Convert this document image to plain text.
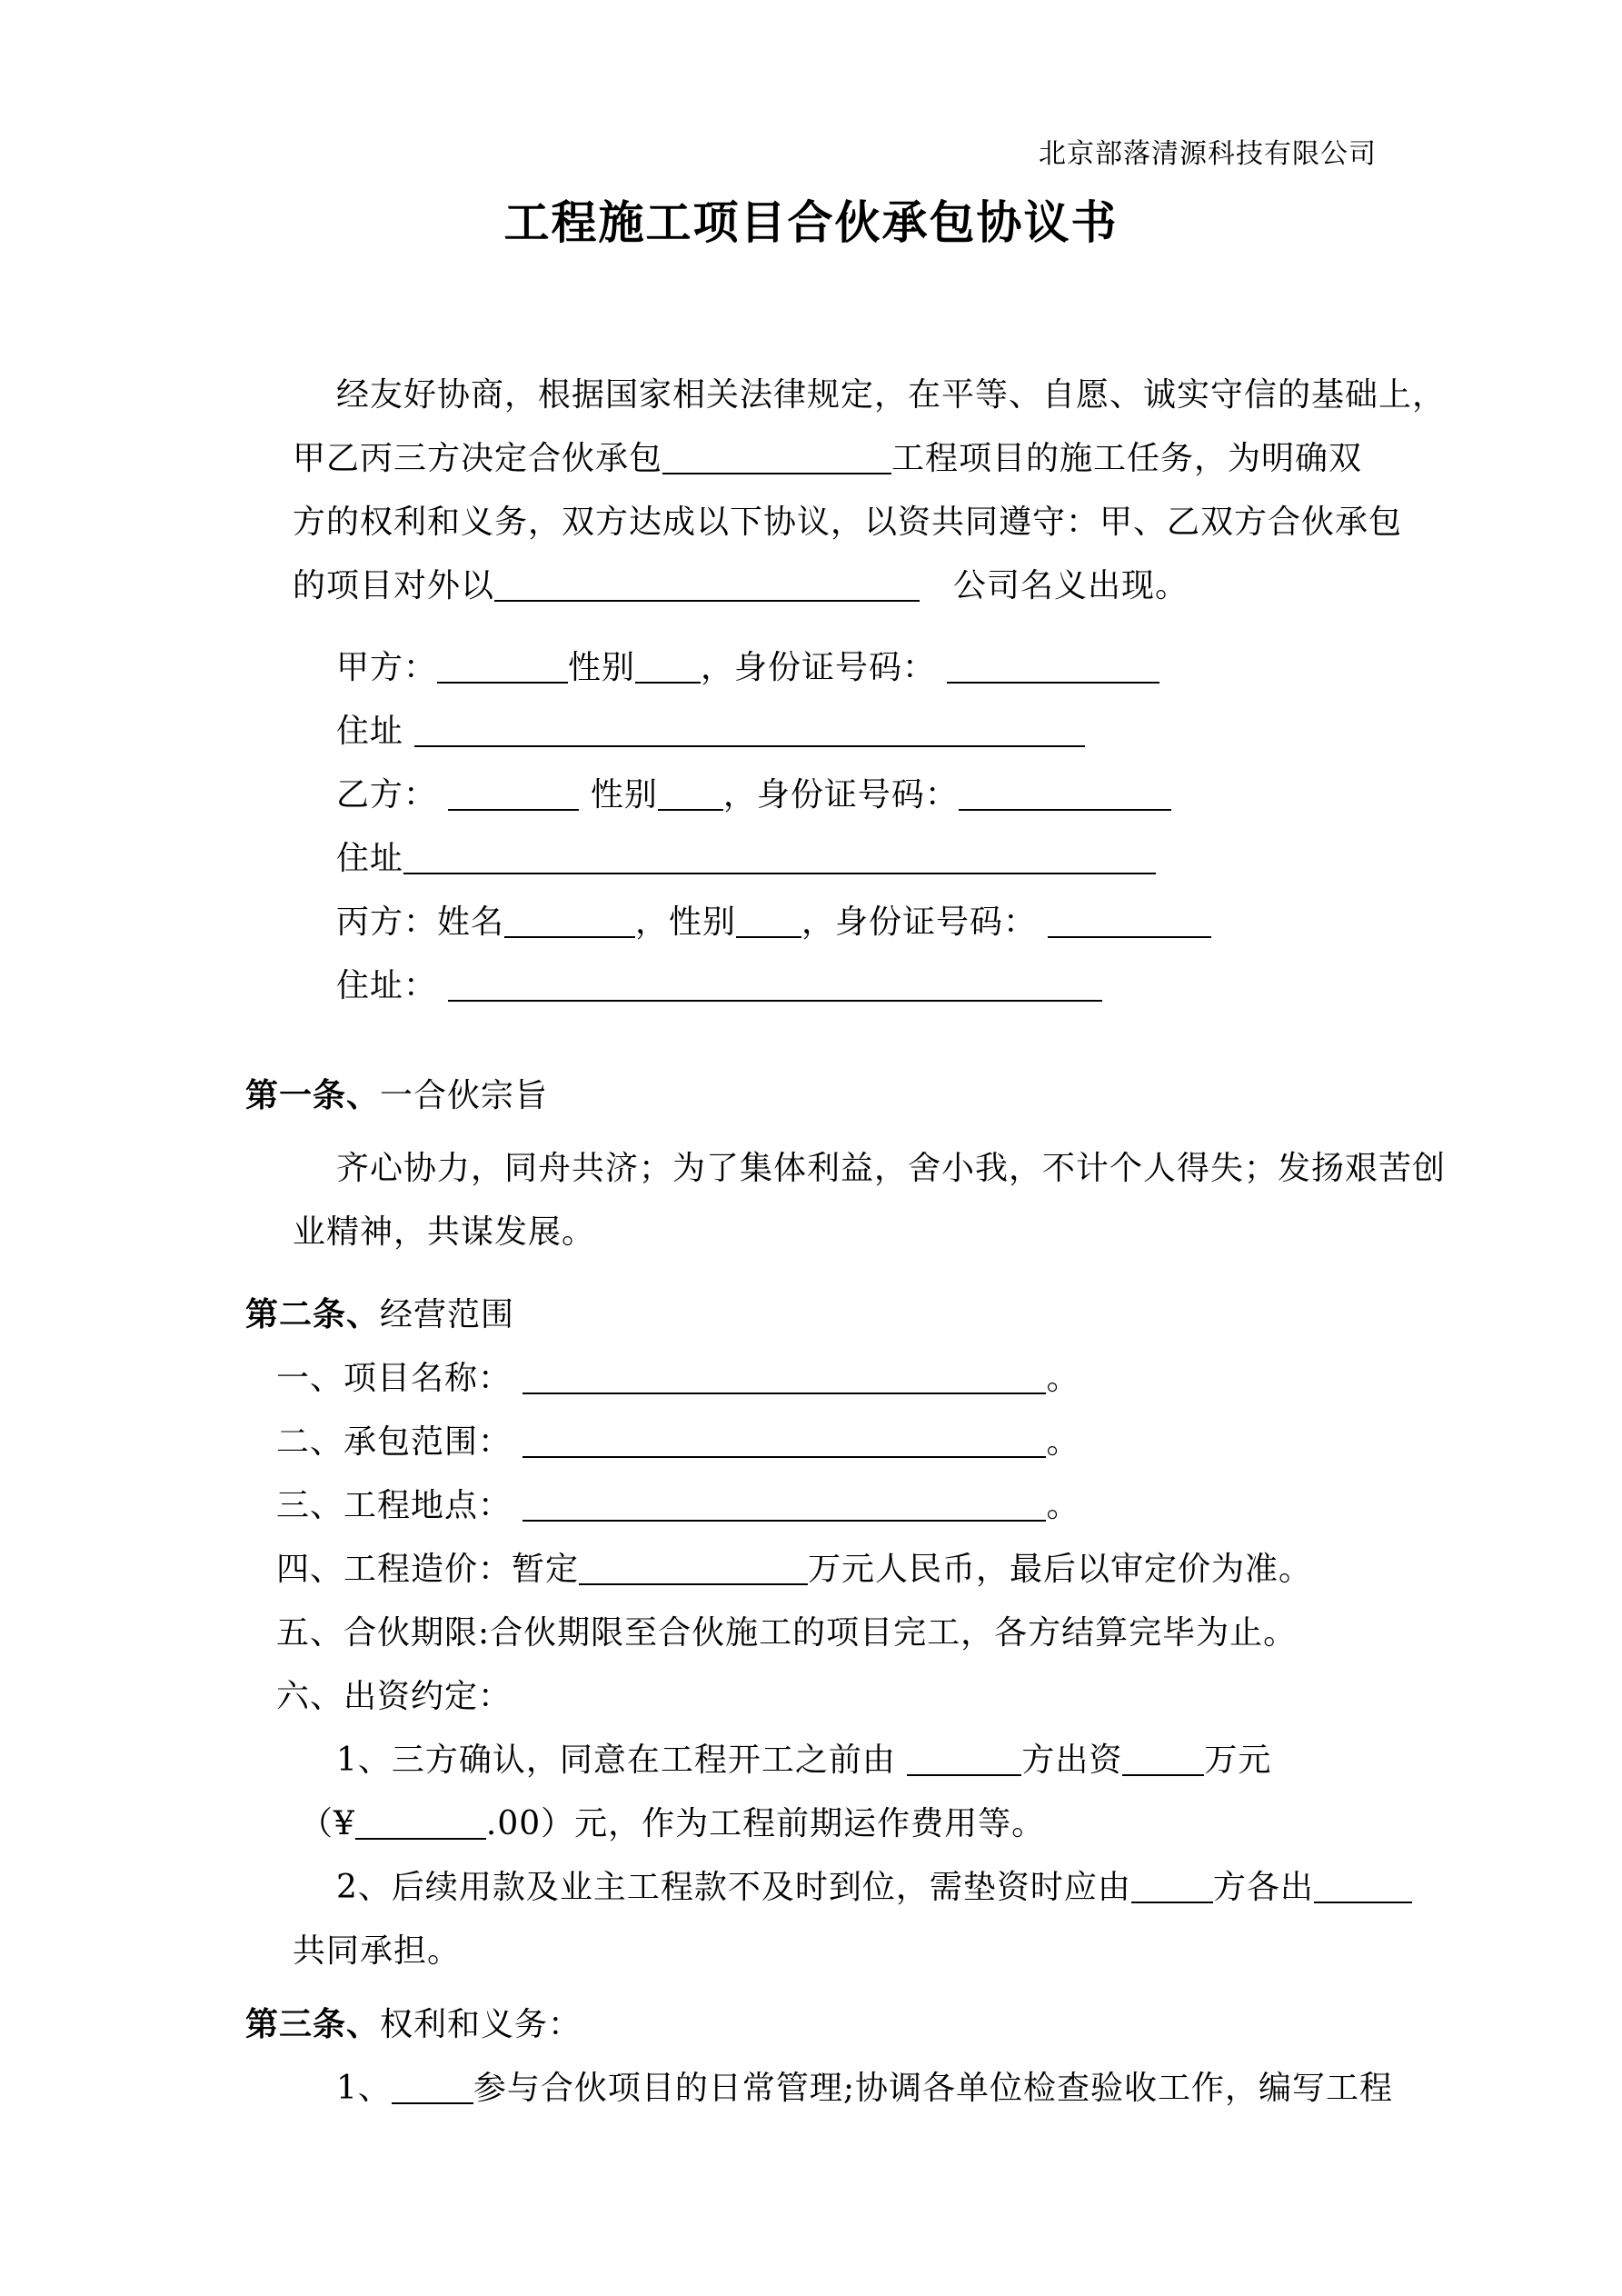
北京部落清源科技有限公司
工程施工项目合伙承包协议书
经友好协商，根据国家相关法律规定，在平等、自愿、诚实守信的基础上，
甲乙丙三方决定合伙承包	工程项目的施工任务，为明确双
方的权利和义务，双方达成以下协议，以资共同遵守：甲、乙双方合伙承包
的项目对外以	　公司名义出现。
甲方：	性别 ，身份证号码：
住址
乙方：	性别 ，身份证号码：
住址
丙方：姓名	，性别 ，身份证号码：
住址：
第一条、一合伙宗旨
齐心协力，同舟共济；为了集体利益，舍小我，不计个人得失；发扬艰苦创
业精神，共谋发展。
第二条、经营范围
一、项目名称：	。
二、承包范围：	。
三、工程地点：	。
四、工程造价：暂定	万元人民币，最后以审定价为准。
五、合伙期限:合伙期限至合伙施工的项目完工，各方结算完毕为止。
六、出资约定：
1、三方确认，同意在工程开工之前由	方出资	万元
（¥	.00）元，作为工程前期运作费用等。
2、后续用款及业主工程款不及时到位，需垫资时应由	方各出
共同承担。
第三条、权利和义务：
1、	参与合伙项目的日常管理;协调各单位检查验收工作，编写工程
